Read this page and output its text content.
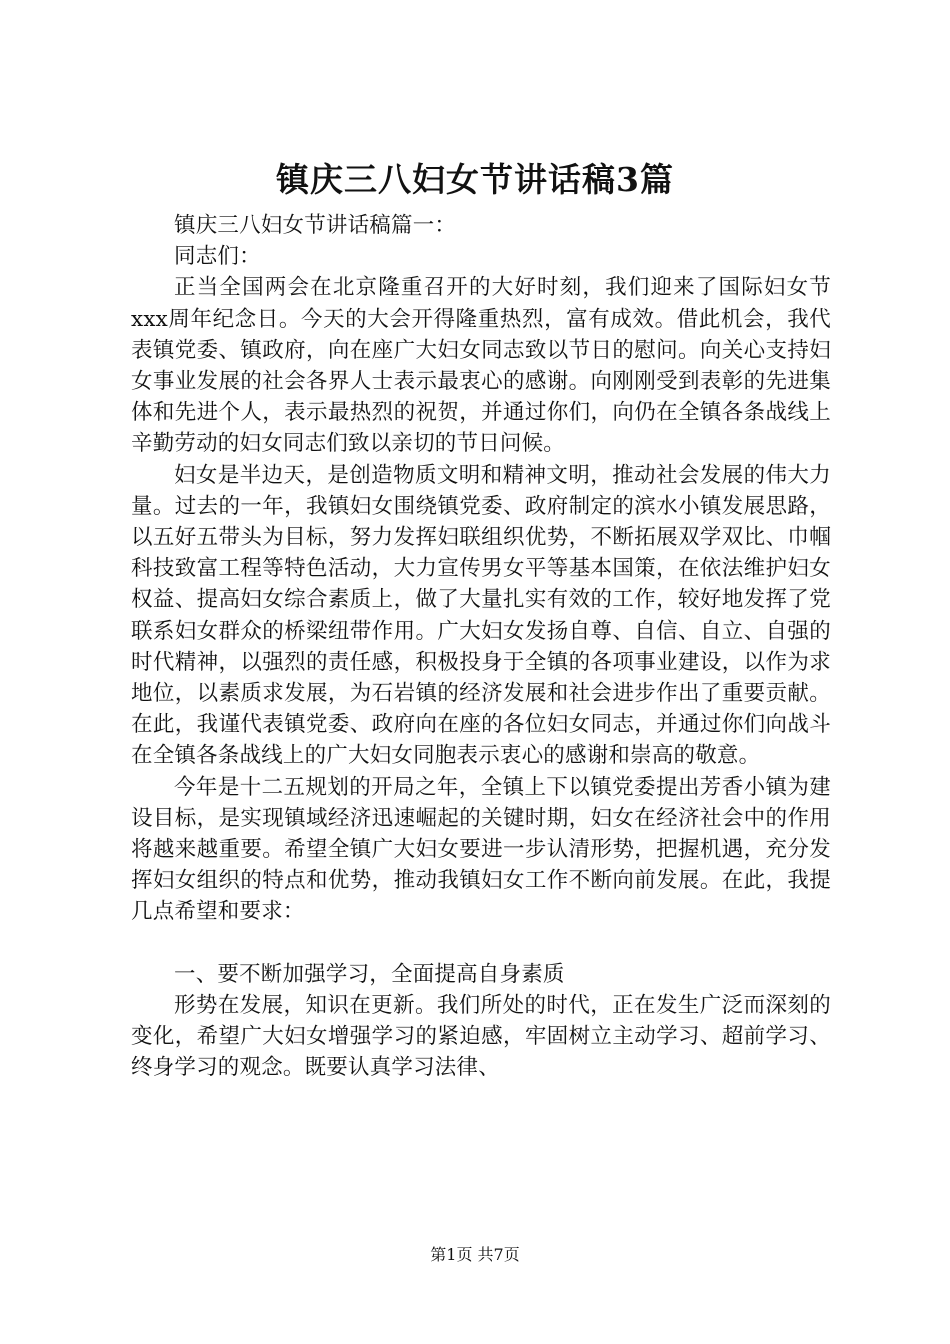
镇庆三八妇女节讲话稿3篇

镇庆三八妇女节讲话稿篇一：

同志们：

正当全国两会在北京隆重召开的大好时刻，我们迎来了国际妇女节xxx周年纪念日。今天的大会开得隆重热烈，富有成效。借此机会，我代表镇党委、镇政府，向在座广大妇女同志致以节日的慰问。向关心支持妇女事业发展的社会各界人士表示最衷心的感谢。向刚刚受到表彰的先进集体和先进个人，表示最热烈的祝贺，并通过你们，向仍在全镇各条战线上辛勤劳动的妇女同志们致以亲切的节日问候。

妇女是半边天，是创造物质文明和精神文明，推动社会发展的伟大力量。过去的一年，我镇妇女围绕镇党委、政府制定的滨水小镇发展思路，以五好五带头为目标，努力发挥妇联组织优势，不断拓展双学双比、巾帼科技致富工程等特色活动，大力宣传男女平等基本国策，在依法维护妇女权益、提高妇女综合素质上，做了大量扎实有效的工作，较好地发挥了党联系妇女群众的桥梁纽带作用。广大妇女发扬自尊、自信、自立、自强的时代精神，以强烈的责任感，积极投身于全镇的各项事业建设，以作为求地位，以素质求发展，为石岩镇的经济发展和社会进步作出了重要贡献。在此，我谨代表镇党委、政府向在座的各位妇女同志，并通过你们向战斗在全镇各条战线上的广大妇女同胞表示衷心的感谢和崇高的敬意。

今年是十二五规划的开局之年，全镇上下以镇党委提出芳香小镇为建设目标，是实现镇域经济迅速崛起的关键时期，妇女在经济社会中的作用将越来越重要。希望全镇广大妇女要进一步认清形势，把握机遇，充分发挥妇女组织的特点和优势，推动我镇妇女工作不断向前发展。在此，我提几点希望和要求：

一、要不断加强学习，全面提高自身素质

形势在发展，知识在更新。我们所处的时代，正在发生广泛而深刻的变化，希望广大妇女增强学习的紧迫感，牢固树立主动学习、超前学习、终身学习的观念。既要认真学习法律、

第1页 共7页
